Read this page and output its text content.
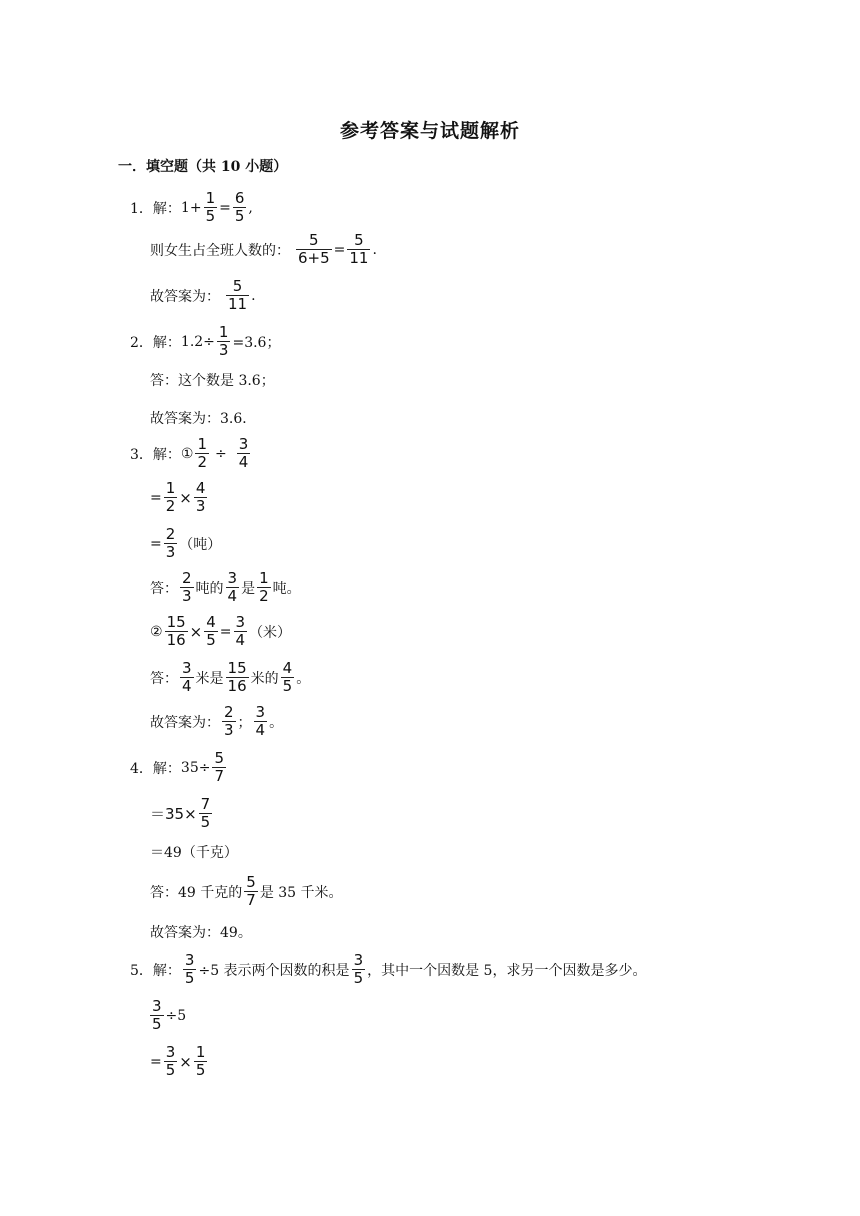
参考答案与试题解析
一．填空题（共 10 小题）
1．解： $1+ \frac{1}{5} = \frac{6}{5}$ ,
则女生占全班人数的： $\frac{5}{6+5} = \frac{5}{11}$ .
故答案为： $\frac{5}{11}$ .
2．解： $1.2\div \frac{1}{3} =3.6$；
答：这个数是 3.6；
故答案为：3.6．
3．解： ① $\frac{1}{2} \div \frac{3}{4}$
= $\frac{1}{2} \times \frac{4}{3}$
= $\frac{2}{3}$ （吨）
答： $\frac{2}{3}$ 吨的 $\frac{3}{4}$ 是 $\frac{1}{2}$ 吨。
② $\frac{15}{16} \times \frac{4}{5} = \frac{3}{4}$ （米）
答： $\frac{3}{4}$ 米是 $\frac{15}{16}$ 米的 $\frac{4}{5}$ 。
故答案为： $\frac{2}{3}$ ； $\frac{3}{4}$ 。
4．解： $35\div \frac{5}{7}$
$=35\times \frac{7}{5}$
＝49（千克）
答：49 千克的 $\frac{5}{7}$ 是 35 千米。
故答案为：49。
5．解： $\frac{3}{5} \div 5$ 表示两个因数的积是 $\frac{3}{5}$ ，其中一个因数是 5，求另一个因数是多少。
$\frac{3}{5} \div 5$
= $\frac{3}{5} \times \frac{1}{5}$
